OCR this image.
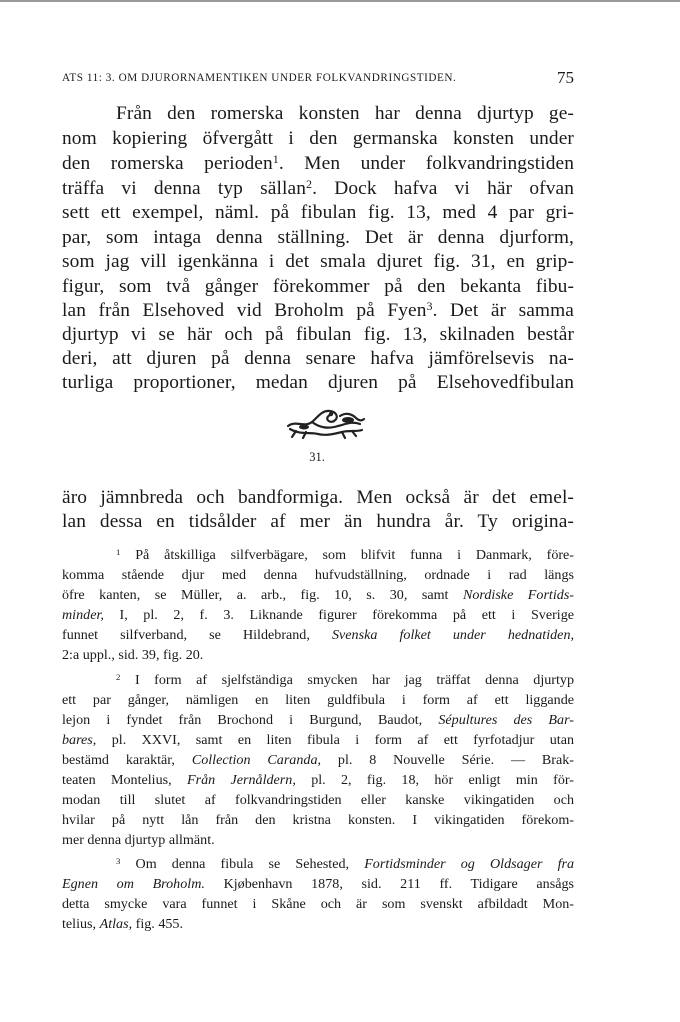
ATS 11: 3. OM DJURORNAMENTIKEN UNDER FOLKVANDRINGSTIDEN.	75
Från den romerska konsten har denna djurtyp ge-
nom kopiering öfvergått i den germanska konsten under
den romerska perioden$^1$. Men under folkvandringstiden
träffa vi denna typ sällan$^2$. Dock hafva vi här ofvan
sett ett exempel, näml. på fibulan fig. 13, med 4 par gri-
par, som intaga denna ställning. Det är denna djurform,
som jag vill igenkänna i det smala djuret fig. 31, en grip-
figur, som två gånger förekommer på den bekanta fibu-
lan från Elsehoved vid Broholm på Fyen$^3$. Det är samma
djurtyp vi se här och på fibulan fig. 13, skilnaden består
deri, att djuren på denna senare hafva jämförelsevis na-
turliga proportioner, medan djuren på Elsehovedfibulan
31.
äro jämnbreda och bandformiga. Men också är det emel-
lan dessa en tidsålder af mer än hundra år. Ty origina-
$^1$ På åtskilliga silfverbägare, som blifvit funna i Danmark, före-
komma stående djur med denna hufvudställning, ordnade i rad längs
öfre kanten, se Müller, a. arb., fig. 10, s. 30, samt Nordiske Fortids-
minder, I, pl. 2, f. 3. Liknande figurer förekomma på ett i Sverige
funnet silfverband, se Hildebrand, Svenska folket under hednatiden,
2:a uppl., sid. 39, fig. 20.
$^2$ I form af sjelfständiga smycken har jag träffat denna djurtyp
ett par gånger, nämligen en liten guldfibula i form af ett liggande
lejon i fyndet från Brochond i Burgund, Baudot, Sépultures des Bar-
bares, pl. XXVI, samt en liten fibula i form af ett fyrfotadjur utan
bestämd karaktär, Collection Caranda, pl. 8 Nouvelle Série. — Brak-
teaten Montelius, Från Jernåldern, pl. 2, fig. 18, hör enligt min för-
modan till slutet af folkvandringstiden eller kanske vikingatiden och
hvilar på nytt lån från den kristna konsten. I vikingatiden förekom-
mer denna djurtyp allmänt.
$^3$ Om denna fibula se Sehested, Fortidsminder og Oldsager fra
Egnen om Broholm. Kjøbenhavn 1878, sid. 211 ff. Tidigare ansågs
detta smycke vara funnet i Skåne och är som svenskt afbildadt Mon-
telius, Atlas, fig. 455.
